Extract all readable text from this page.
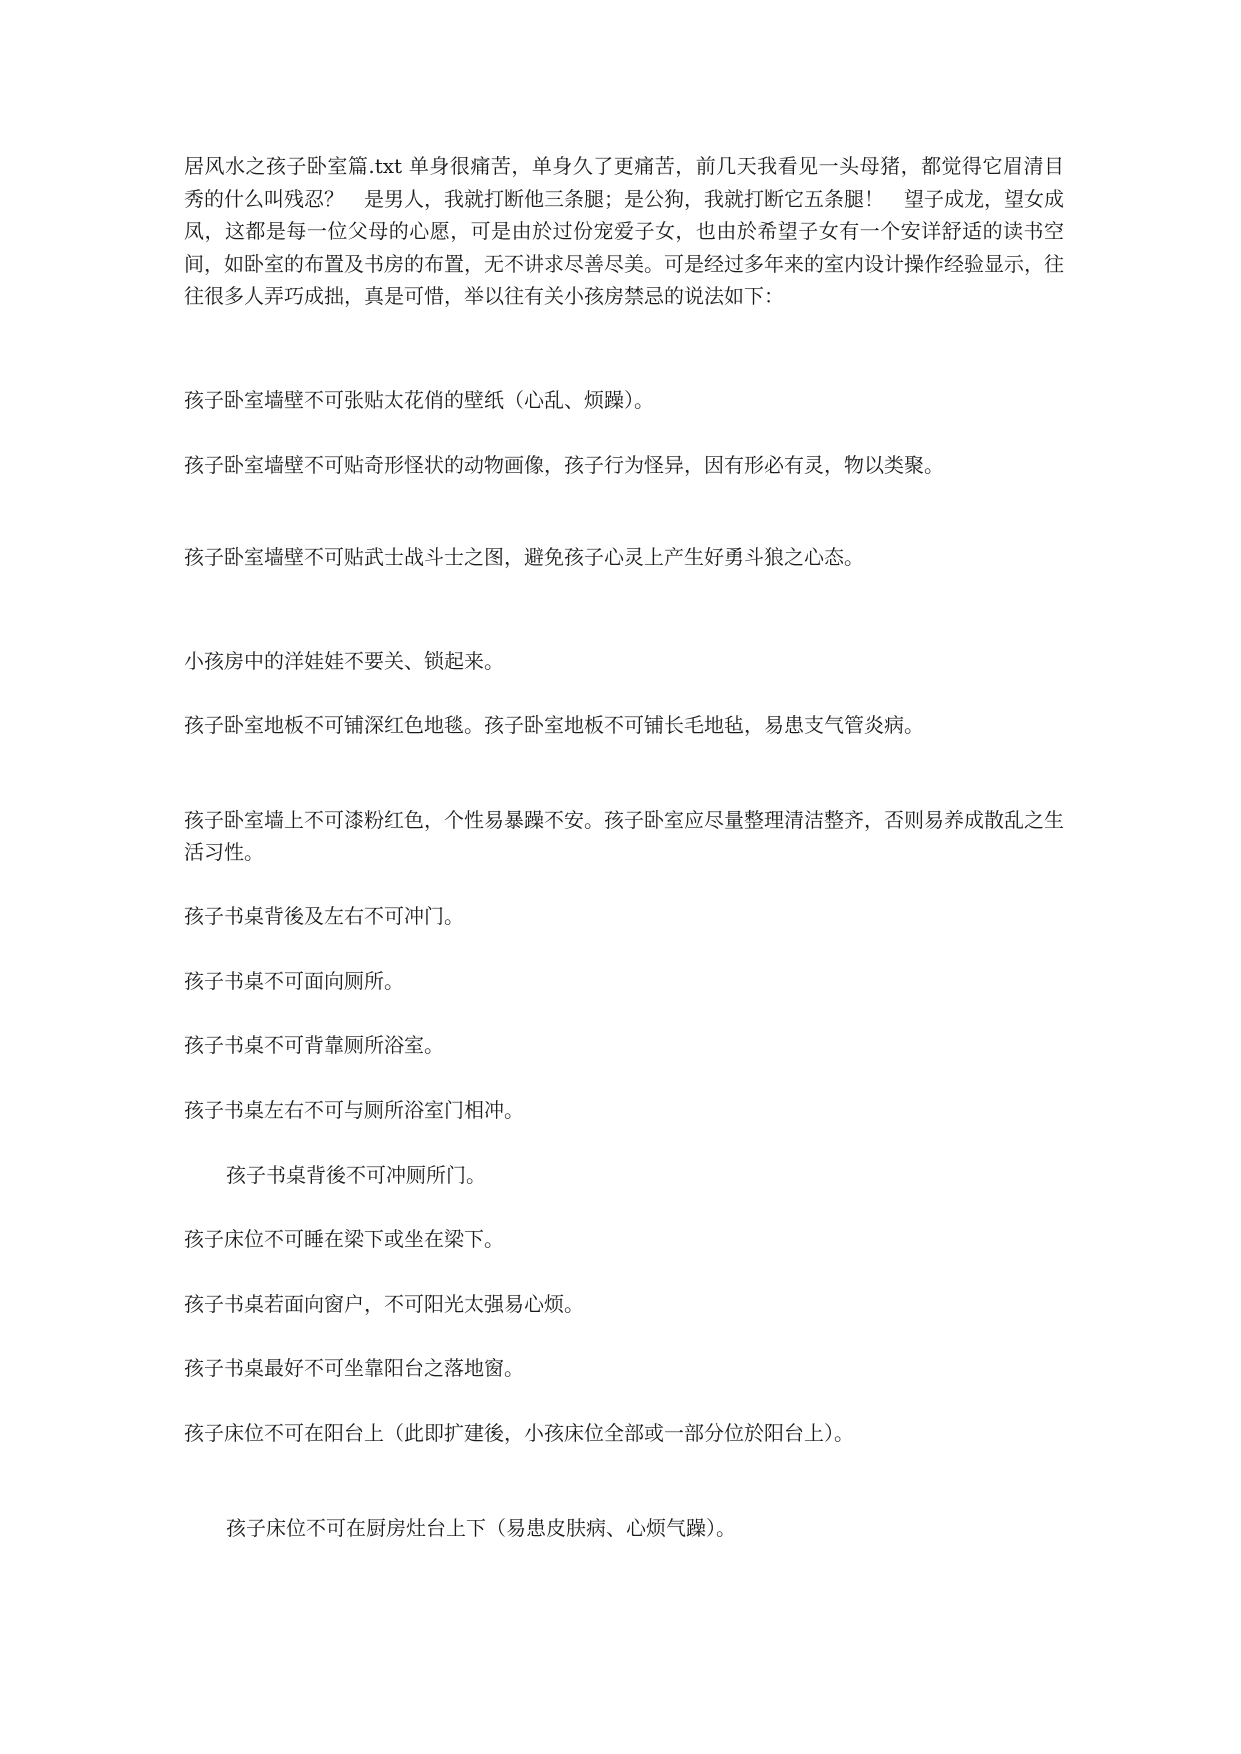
居风水之孩子卧室篇.txt 单身很痛苦，单身久了更痛苦，前几天我看见一头母猪，都觉得它眉清目秀的什么叫残忍？　是男人，我就打断他三条腿；是公狗，我就打断它五条腿！　望子成龙，望女成凤，这都是每一位父母的心愿，可是由於过份宠爱子女，也由於希望子女有一个安详舒适的读书空间，如卧室的布置及书房的布置，无不讲求尽善尽美。可是经过多年来的室内设计操作经验显示，往往很多人弄巧成拙，真是可惜，举以往有关小孩房禁忌的说法如下：

孩子卧室墙壁不可张贴太花俏的壁纸（心乱、烦躁）。

孩子卧室墙壁不可贴奇形怪状的动物画像，孩子行为怪异，因有形必有灵，物以类聚。

孩子卧室墙壁不可贴武士战斗士之图，避免孩子心灵上产生好勇斗狼之心态。

小孩房中的洋娃娃不要关、锁起来。

孩子卧室地板不可铺深红色地毯。孩子卧室地板不可铺长毛地毡，易患支气管炎病。

孩子卧室墙上不可漆粉红色，个性易暴躁不安。孩子卧室应尽量整理清洁整齐，否则易养成散乱之生活习性。

孩子书桌背後及左右不可冲门。

孩子书桌不可面向厕所。

孩子书桌不可背靠厕所浴室。

孩子书桌左右不可与厕所浴室门相冲。

孩子书桌背後不可冲厕所门。

孩子床位不可睡在梁下或坐在梁下。

孩子书桌若面向窗户，不可阳光太强易心烦。

孩子书桌最好不可坐靠阳台之落地窗。

孩子床位不可在阳台上（此即扩建後，小孩床位全部或一部分位於阳台上）。

孩子床位不可在厨房灶台上下（易患皮肤病、心烦气躁）。
